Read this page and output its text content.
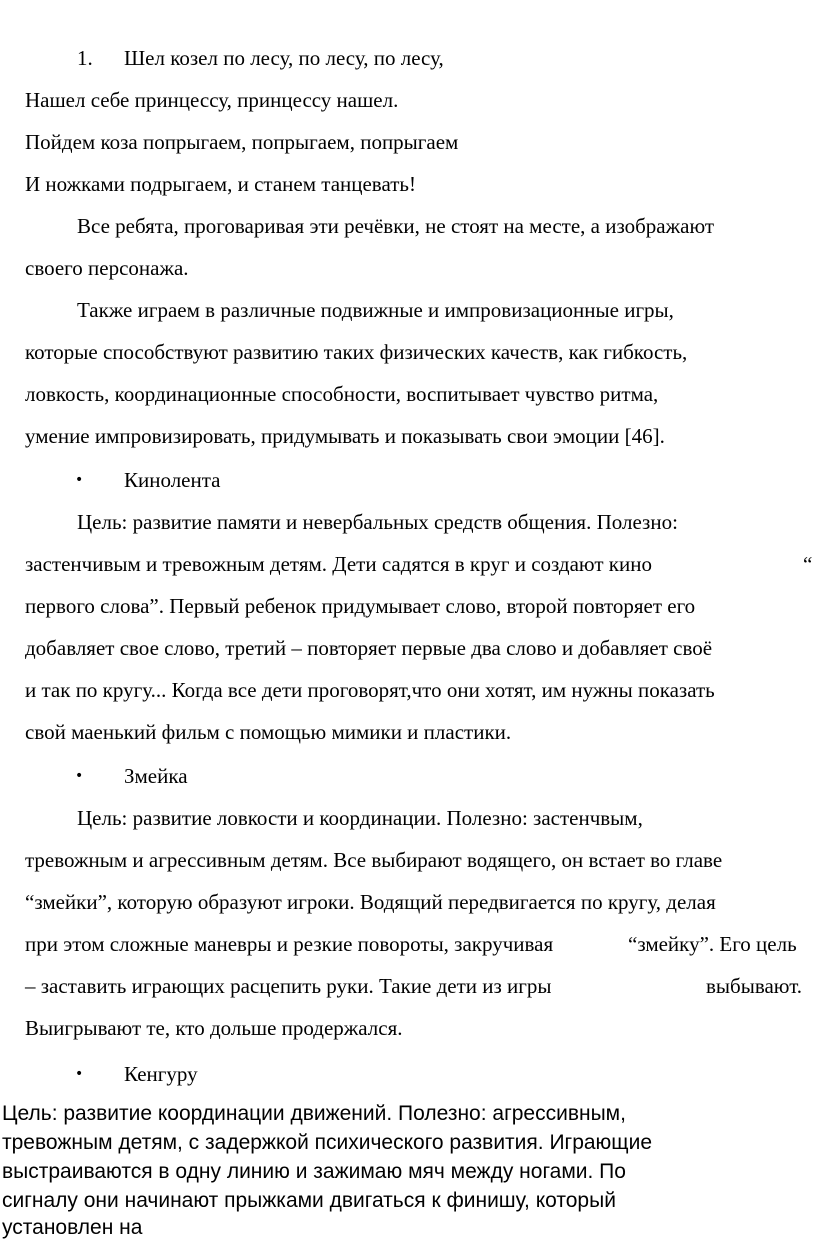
1. Шел козел по лесу, по лесу, по лесу,
Нашел себе принцессу, принцессу нашел.
Пойдем коза попрыгаем, попрыгаем, попрыгаем
И ножками подрыгаем, и станем танцевать!
Все ребята, проговаривая эти речёвки, не стоят на месте, а изображают
своего персонажа.
Также играем в различные подвижные и импровизационные игры,
которые способствуют развитию таких физических качеств, как гибкость,
ловкость, координационные способности, воспитывает чувство ритма,
умение импровизировать, придумывать и показывать свои эмоции [46].
• Кинолента
Цель: развитие памяти и невербальных средств общения. Полезно:
застенчивым и тревожным детям. Дети садятся в круг и создают кино	“
первого слова”. Первый ребенок придумывает слово, второй повторяет его
добавляет свое слово, третий – повторяет первые два слово и добавляет своё
и так по кругу... Когда все дети проговорят,что они хотят, им нужны показать
свой маенький фильм с помощью мимики и пластики.
• Змейка
Цель: развитие ловкости и координации. Полезно: застенчвым,
тревожным и агрессивным детям. Все выбирают водящего, он встает во главе
“змейки”, которую образуют игроки. Водящий передвигается по кругу, делая
при этом сложные маневры и резкие повороты, закручивая	“змейку”. Его цель
– заставить играющих расцепить руки. Такие дети из игры	выбывают.
Выигрывают те, кто дольше продержался.
• Кенгуру
Цель: развитие координации движений. Полезно: агрессивным,
тревожным детям, с задержкой психического развития. Играющие
выстраиваются в одну линию и зажимаю мяч между ногами. По
сигналу они начинают прыжками двигаться к финишу, который
установлен на
